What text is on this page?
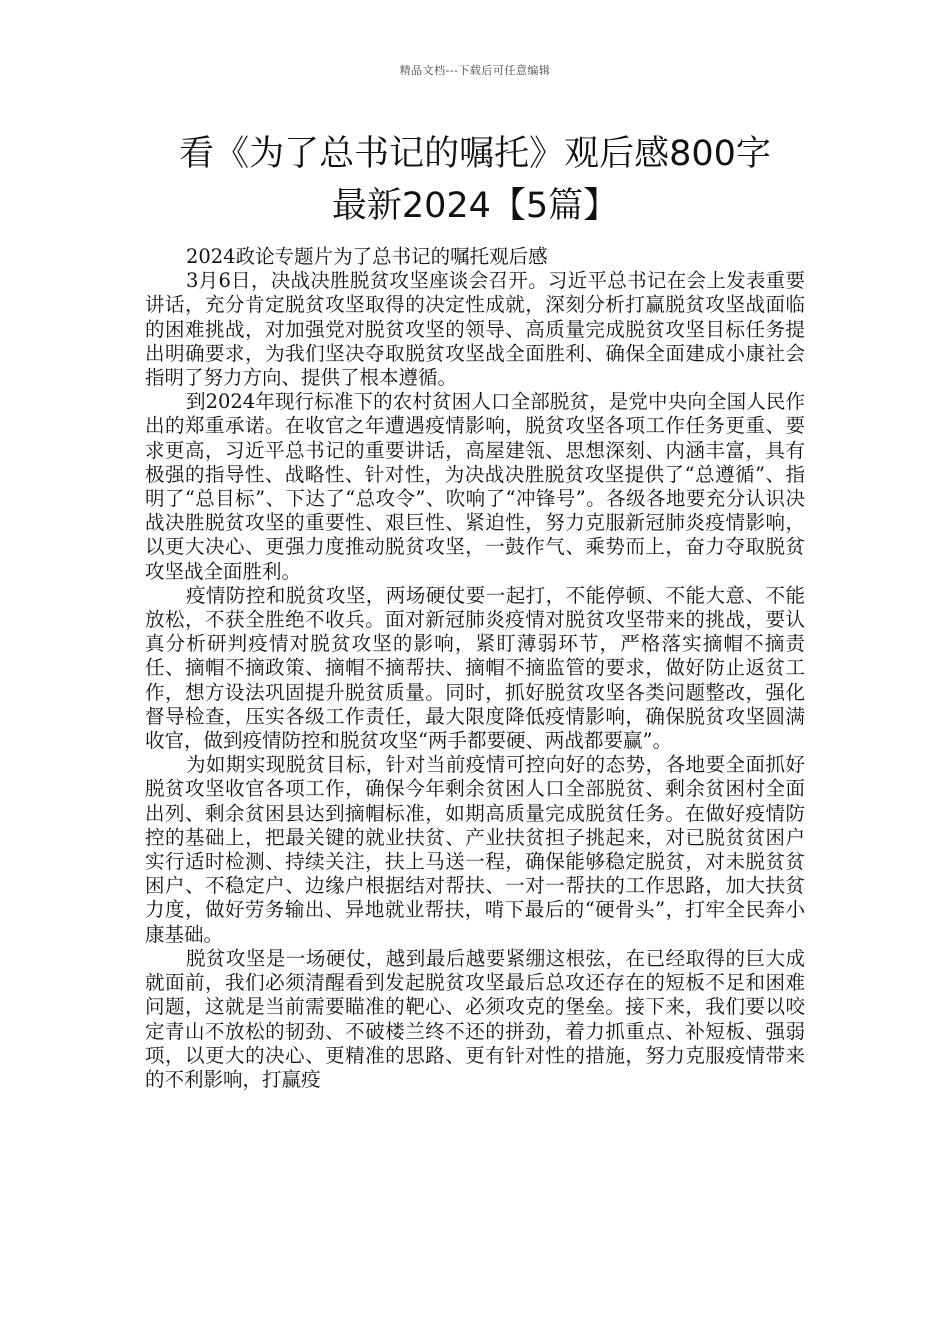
精品文档---下载后可任意编辑
看《为了总书记的嘱托》观后感800字
最新2024【5篇】

2024政论专题片为了总书记的嘱托观后感

3月6日，决战决胜脱贫攻坚座谈会召开。习近平总书记在会上发表重要讲话，充分肯定脱贫攻坚取得的决定性成就，深刻分析打赢脱贫攻坚战面临的困难挑战，对加强党对脱贫攻坚的领导、高质量完成脱贫攻坚目标任务提出明确要求，为我们坚决夺取脱贫攻坚战全面胜利、确保全面建成小康社会指明了努力方向、提供了根本遵循。

到2024年现行标准下的农村贫困人口全部脱贫，是党中央向全国人民作出的郑重承诺。在收官之年遭遇疫情影响，脱贫攻坚各项工作任务更重、要求更高，习近平总书记的重要讲话，高屋建瓴、思想深刻、内涵丰富，具有极强的指导性、战略性、针对性，为决战决胜脱贫攻坚提供了“总遵循”、指明了“总目标”、下达了“总攻令”、吹响了“冲锋号”。各级各地要充分认识决战决胜脱贫攻坚的重要性、艰巨性、紧迫性，努力克服新冠肺炎疫情影响，以更大决心、更强力度推动脱贫攻坚，一鼓作气、乘势而上，奋力夺取脱贫攻坚战全面胜利。

疫情防控和脱贫攻坚，两场硬仗要一起打，不能停顿、不能大意、不能放松，不获全胜绝不收兵。面对新冠肺炎疫情对脱贫攻坚带来的挑战，要认真分析研判疫情对脱贫攻坚的影响，紧盯薄弱环节，严格落实摘帽不摘责任、摘帽不摘政策、摘帽不摘帮扶、摘帽不摘监管的要求，做好防止返贫工作，想方设法巩固提升脱贫质量。同时，抓好脱贫攻坚各类问题整改，强化督导检查，压实各级工作责任，最大限度降低疫情影响，确保脱贫攻坚圆满收官，做到疫情防控和脱贫攻坚“两手都要硬、两战都要赢”。

为如期实现脱贫目标，针对当前疫情可控向好的态势，各地要全面抓好脱贫攻坚收官各项工作，确保今年剩余贫困人口全部脱贫、剩余贫困村全面出列、剩余贫困县达到摘帽标准，如期高质量完成脱贫任务。在做好疫情防控的基础上，把最关键的就业扶贫、产业扶贫担子挑起来，对已脱贫贫困户实行适时检测、持续关注，扶上马送一程，确保能够稳定脱贫，对未脱贫贫困户、不稳定户、边缘户根据结对帮扶、一对一帮扶的工作思路，加大扶贫力度，做好劳务输出、异地就业帮扶，啃下最后的“硬骨头”，打牢全民奔小康基础。

脱贫攻坚是一场硬仗，越到最后越要紧绷这根弦，在已经取得的巨大成就面前，我们必须清醒看到发起脱贫攻坚最后总攻还存在的短板不足和困难问题，这就是当前需要瞄准的靶心、必须攻克的堡垒。接下来，我们要以咬定青山不放松的韧劲、不破楼兰终不还的拼劲，着力抓重点、补短板、强弱项，以更大的决心、更精准的思路、更有针对性的措施，努力克服疫情带来的不利影响，打赢疫
